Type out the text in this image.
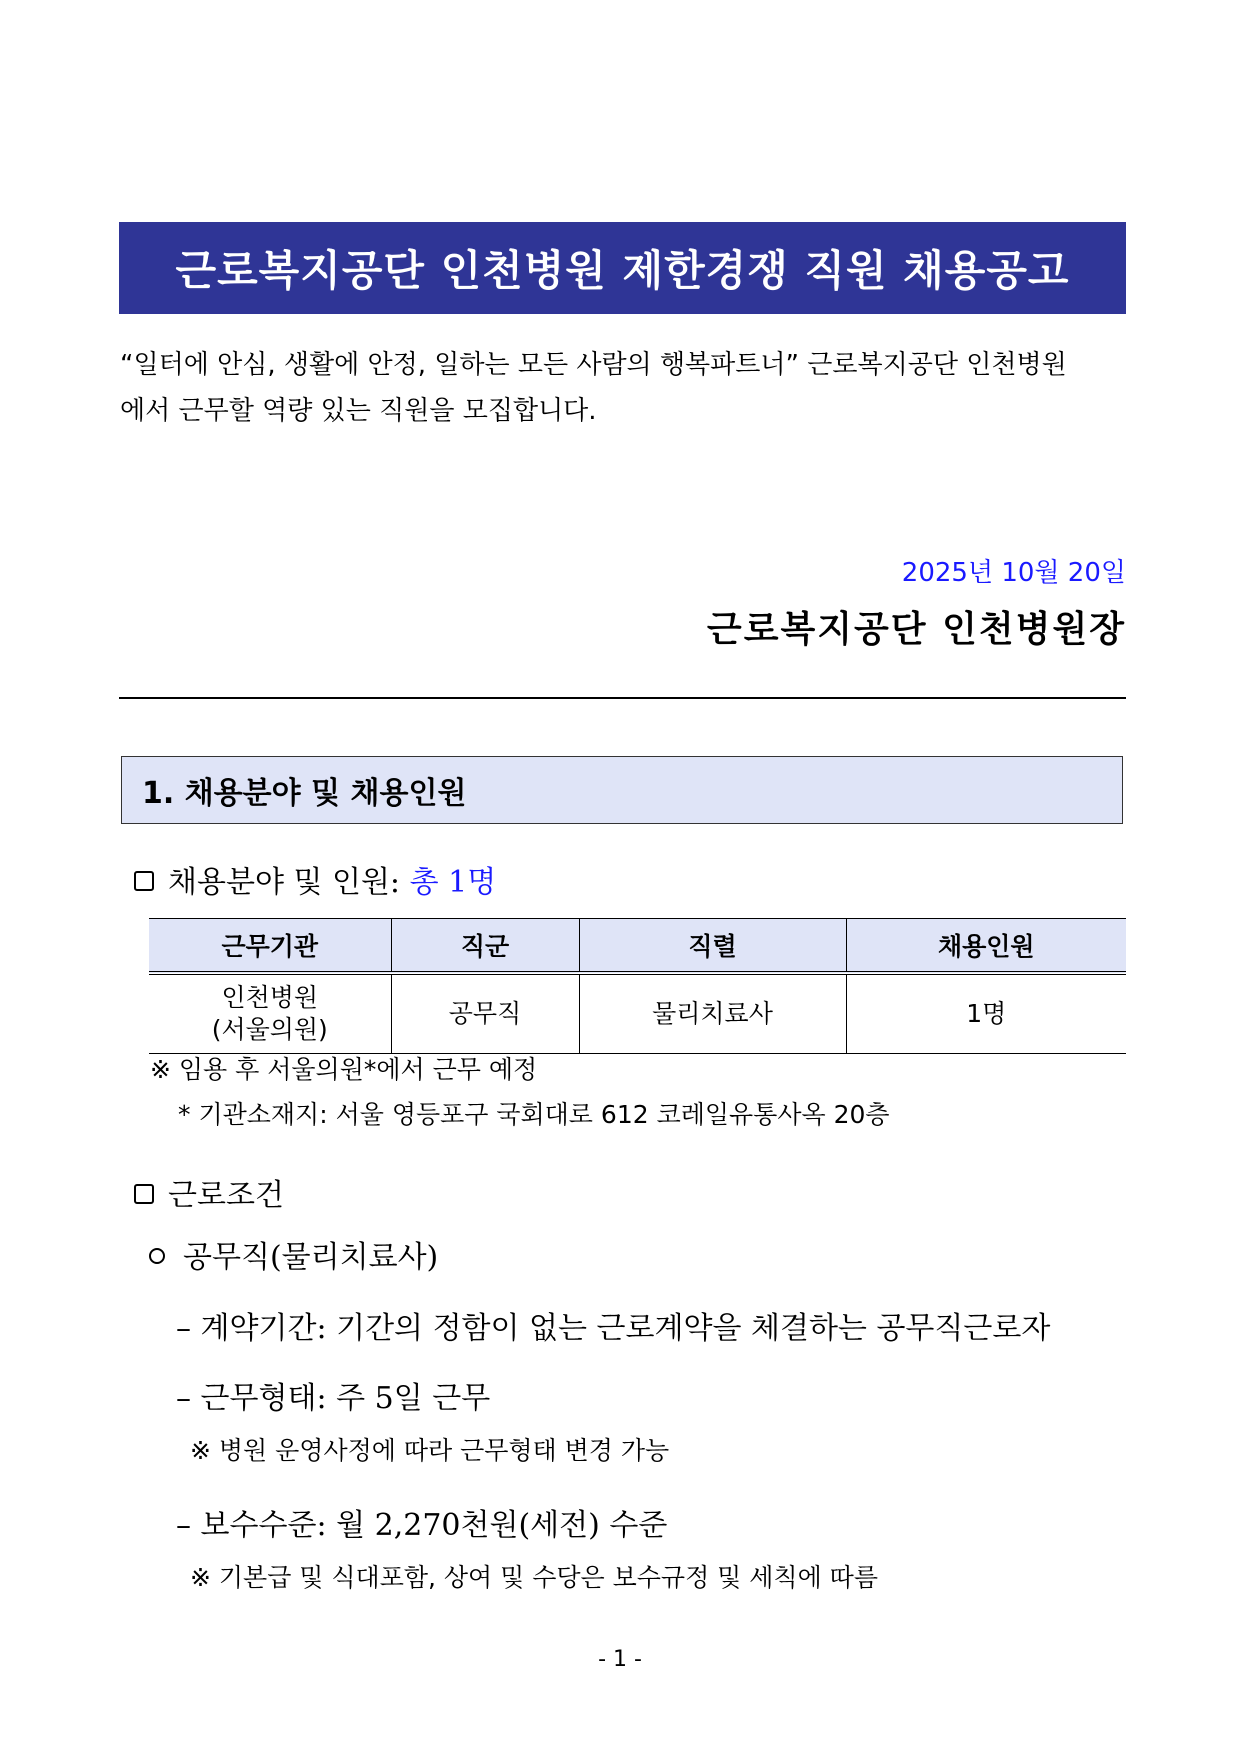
근로복지공단 인천병원 제한경쟁 직원 채용공고

“일터에 안심, 생활에 안정, 일하는 모든 사람의 행복파트너” 근로복지공단 인천병원

에서 근무할 역량 있는 직원을 모집합니다.

2025년 10월 20일
근로복지공단 인천병원장
1. 채용분야 및 채용인원
채용분야 및 인원: 총 1명
근무기관	직군	직렬	채용인원

인천병원
(서울의원)	공무직	물리치료사	1명
※ 임용 후 서울의원*에서 근무 예정
* 기관소재지: 서울 영등포구 국회대로 612 코레일유통사옥 20층
근로조건
공무직(물리치료사)
– 계약기간: 기간의 정함이 없는 근로계약을 체결하는 공무직근로자
– 근무형태: 주 5일 근무
※ 병원 운영사정에 따라 근무형태 변경 가능
– 보수수준: 월 2,270천원(세전) 수준
※ 기본급 및 식대포함, 상여 및 수당은 보수규정 및 세칙에 따름
- 1 -
